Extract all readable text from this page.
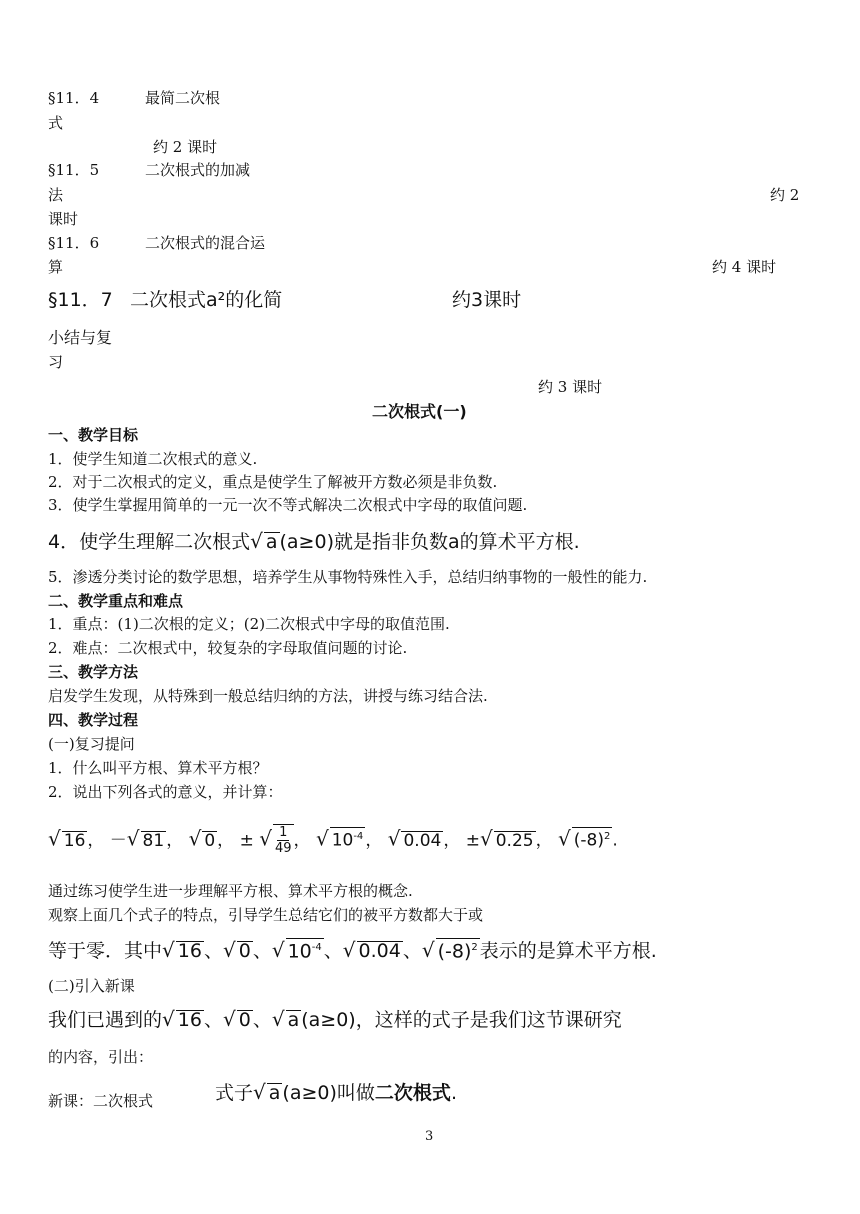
§11．4	最简二次根
式
约 2 课时
§11．5	二次根式的加减
法	约 2
课时
§11．6	二次根式的混合运
算	约 4 课时
§11．7 二次根式a²的化简	约3课时
小结与复
习
约 3 课时
二次根式(一)
一、教学目标
1．使学生知道二次根式的意义.
2．对于二次根式的定义，重点是使学生了解被开方数必须是非负数.
3．使学生掌握用简单的一元一次不等式解决二次根式中字母的取值问题.
4．使学生理解二次根式√ a (a≥0)就是指非负数a的算术平方根.
5．渗透分类讨论的数学思想，培养学生从事物特殊性入手，总结归纳事物的一般性的能力.
二、教学重点和难点
1．重点：(1)二次根的定义；(2)二次根式中字母的取值范围.
2．难点：二次根式中，较复杂的字母取值问题的讨论.
三、教学方法
启发学生发现，从特殊到一般总结归纳的方法，讲授与练习结合法.
四、教学过程
(一)复习提问
1．什么叫平方根、算术平方根？
2．说出下列各式的意义，并计算：
√ 16 ， －√ 81 ， √ 0 ， ± √ $\frac{1}{49}$ ， √ $10^{-4}$ ， √ 0.04 ， ±√ 0.25 ， √ $(-8)^2$ .
通过练习使学生进一步理解平方根、算术平方根的概念.
观察上面几个式子的特点，引导学生总结它们的被平方数都大于或
等于零．其中√ 16 、√ 0 、√ $10^{-4}$ 、√ 0.04 、√ $(-8)^2$ 表示的是算术平方根.
(二)引入新课
我们已遇到的√ 16 、√ 0 、√ a (a≥0)，这样的式子是我们这节课研究
的内容，引出：
新课：二次根式	式子√ a (a≥0)叫做二次根式.
3
